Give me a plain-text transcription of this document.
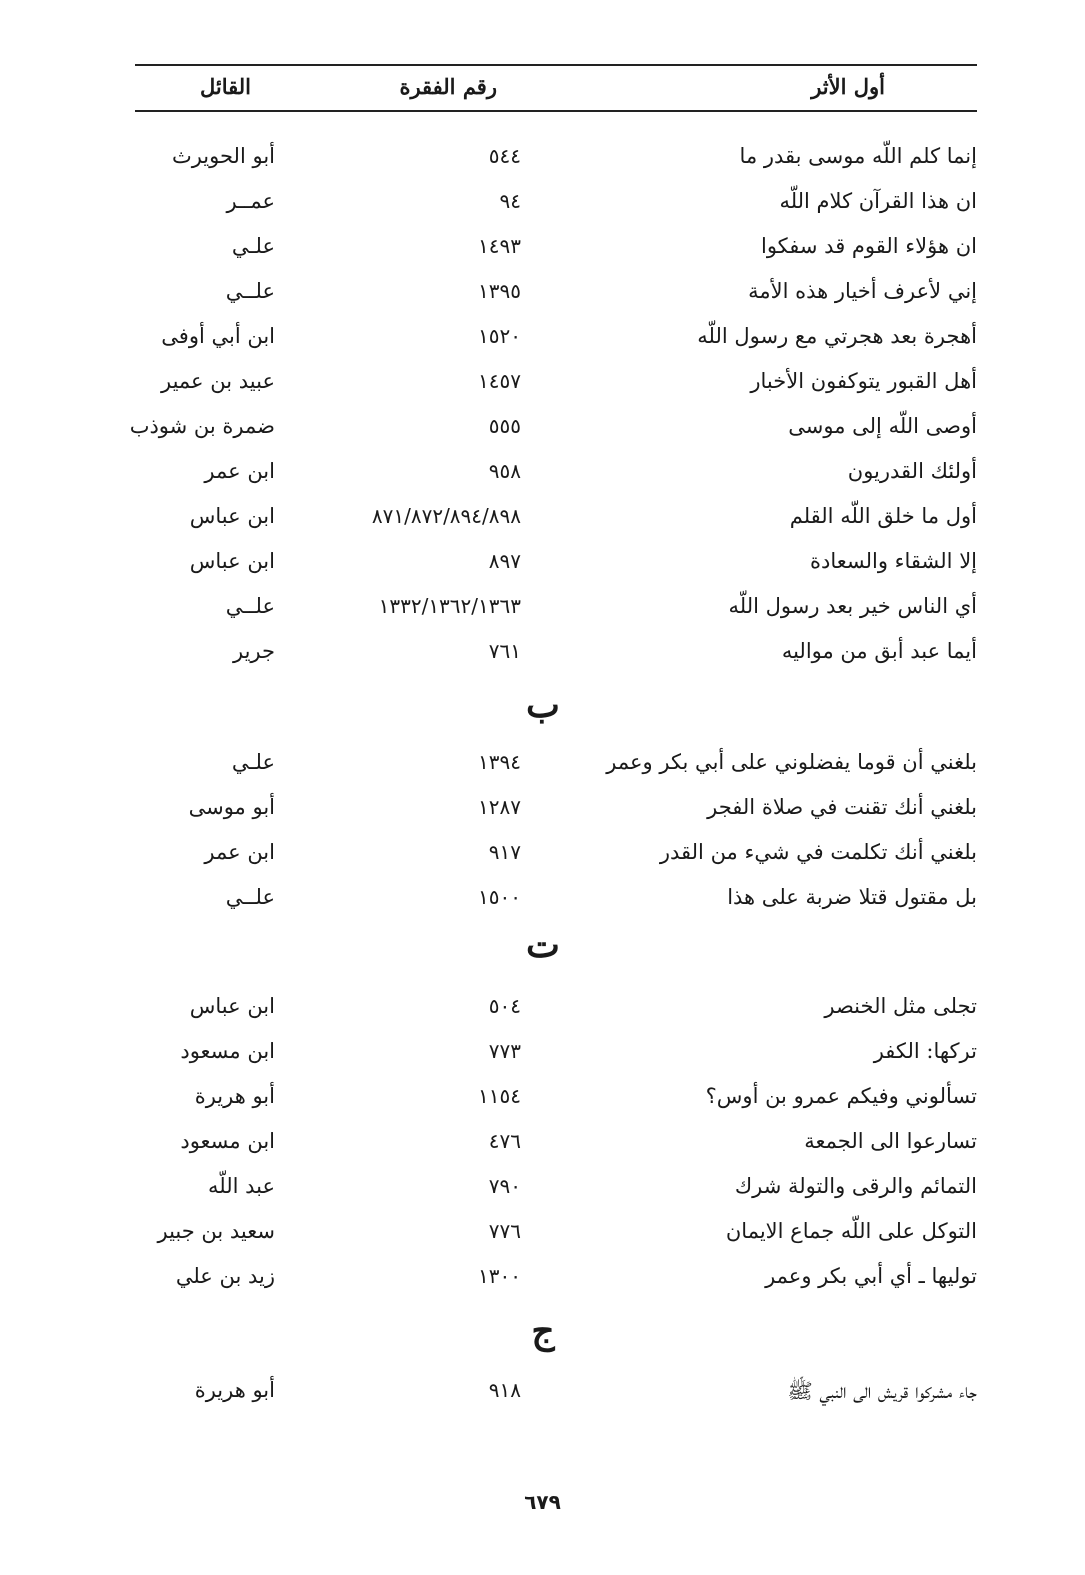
أول الأثر
رقم الفقرة
القائل
إنما كلم اللّه موسى بقدر ما
٥٤٤
أبو الحويرث
ان هذا القرآن كلام اللّه
٩٤
عمــر
ان هؤلاء القوم قد سفكوا
١٤٩٣
علـي
إني لأعرف أخيار هذه الأمة
١٣٩٥
علــي
أهجرة بعد هجرتي مع رسول اللّه
١٥٢٠
ابن أبي أوفى
أهل القبور يتوكفون الأخبار
١٤٥٧
عبيد بن عمير
أوصى اللّه إلى موسى
٥٥٥
ضمرة بن شوذب
أولئك القدريون
٩٥٨
ابن عمر
أول ما خلق اللّه القلم
٨٧١/٨٧٢/٨٩٤/٨٩٨
ابن عباس
إلا الشقاء والسعادة
٨٩٧
ابن عباس
أي الناس خير بعد رسول اللّه
١٣٣٢/١٣٦٢/١٣٦٣
علــي
أيما عبد أبق من مواليه
٧٦١
جرير
ب
بلغني أن قوما يفضلوني على أبي بكر وعمر
١٣٩٤
علـي
بلغني أنك تقنت في صلاة الفجر
١٢٨٧
أبو موسى
بلغني أنك تكلمت في شيء من القدر
٩١٧
ابن عمر
بل مقتول قتلا ضربة على هذا
١٥٠٠
علــي
ت
تجلى مثل الخنصر
٥٠٤
ابن عباس
تركها: الكفر
٧٧٣
ابن مسعود
تسألوني وفيكم عمرو بن أوس؟
١١٥٤
أبو هريرة
تسارعوا الى الجمعة
٤٧٦
ابن مسعود
التمائم والرقى والتولة شرك
٧٩٠
عبد اللّه
التوكل على اللّه جماع الايمان
٧٧٦
سعيد بن جبير
توليها ـ أي أبي بكر وعمر
١٣٠٠
زيد بن علي
ج
جاء مشركوا قريش الى النبي ﷺ
٩١٨
أبو هريرة
٦٧٩
